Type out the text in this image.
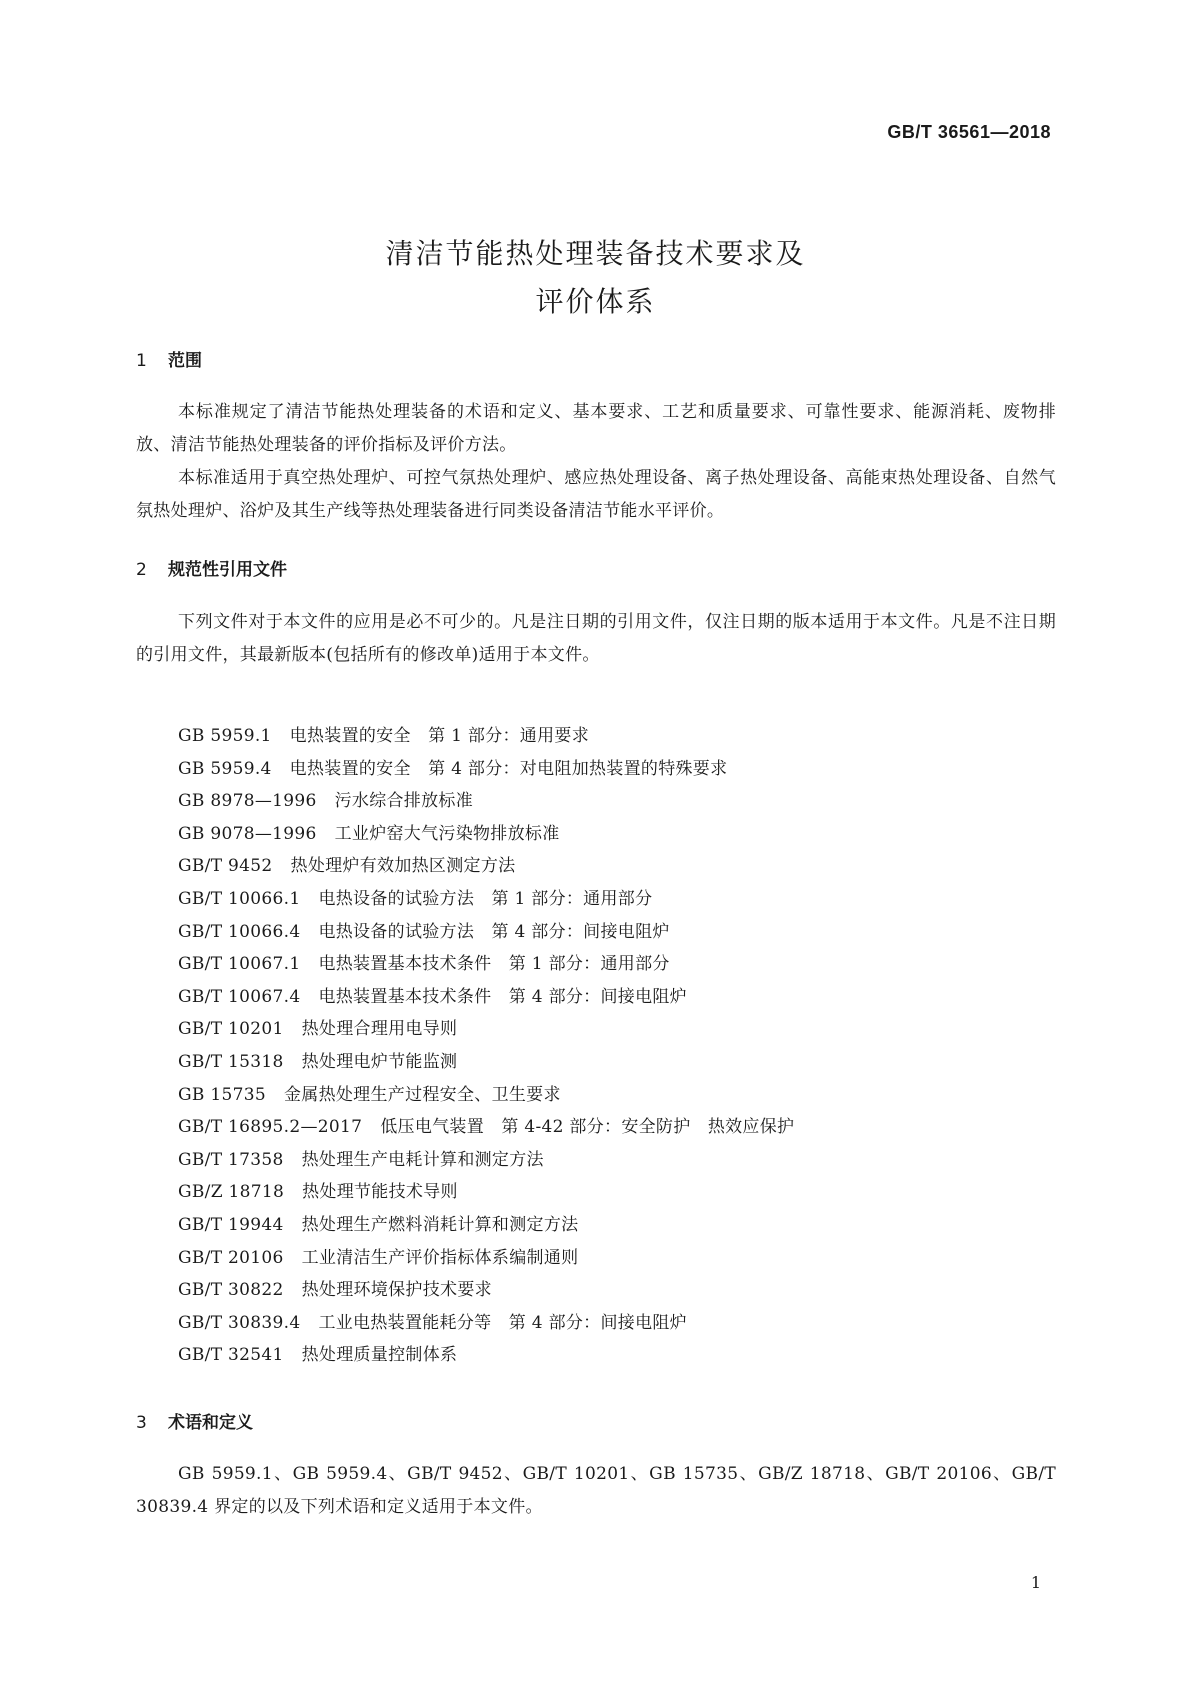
GB/T 36561—2018
清洁节能热处理装备技术要求及
评价体系
1 范围
本标准规定了清洁节能热处理装备的术语和定义、基本要求、工艺和质量要求、可靠性要求、能源消耗、废物排放、清洁节能热处理装备的评价指标及评价方法。
本标准适用于真空热处理炉、可控气氛热处理炉、感应热处理设备、离子热处理设备、高能束热处理设备、自然气氛热处理炉、浴炉及其生产线等热处理装备进行同类设备清洁节能水平评价。
2 规范性引用文件
下列文件对于本文件的应用是必不可少的。凡是注日期的引用文件，仅注日期的版本适用于本文件。凡是不注日期的引用文件，其最新版本(包括所有的修改单)适用于本文件。
GB 5959.1 电热装置的安全　第 1 部分：通用要求
GB 5959.4 电热装置的安全　第 4 部分：对电阻加热装置的特殊要求
GB 8978—1996 污水综合排放标准
GB 9078—1996 工业炉窑大气污染物排放标准
GB/T 9452 热处理炉有效加热区测定方法
GB/T 10066.1 电热设备的试验方法　第 1 部分：通用部分
GB/T 10066.4 电热设备的试验方法　第 4 部分：间接电阻炉
GB/T 10067.1 电热装置基本技术条件　第 1 部分：通用部分
GB/T 10067.4 电热装置基本技术条件　第 4 部分：间接电阻炉
GB/T 10201 热处理合理用电导则
GB/T 15318 热处理电炉节能监测
GB 15735 金属热处理生产过程安全、卫生要求
GB/T 16895.2—2017 低压电气装置　第 4-42 部分：安全防护　热效应保护
GB/T 17358 热处理生产电耗计算和测定方法
GB/Z 18718 热处理节能技术导则
GB/T 19944 热处理生产燃料消耗计算和测定方法
GB/T 20106 工业清洁生产评价指标体系编制通则
GB/T 30822 热处理环境保护技术要求
GB/T 30839.4 工业电热装置能耗分等　第 4 部分：间接电阻炉
GB/T 32541 热处理质量控制体系
3 术语和定义
GB 5959.1、GB 5959.4、GB/T 9452、GB/T 10201、GB 15735、GB/Z 18718、GB/T 20106、GB/T 30839.4 界定的以及下列术语和定义适用于本文件。
1
